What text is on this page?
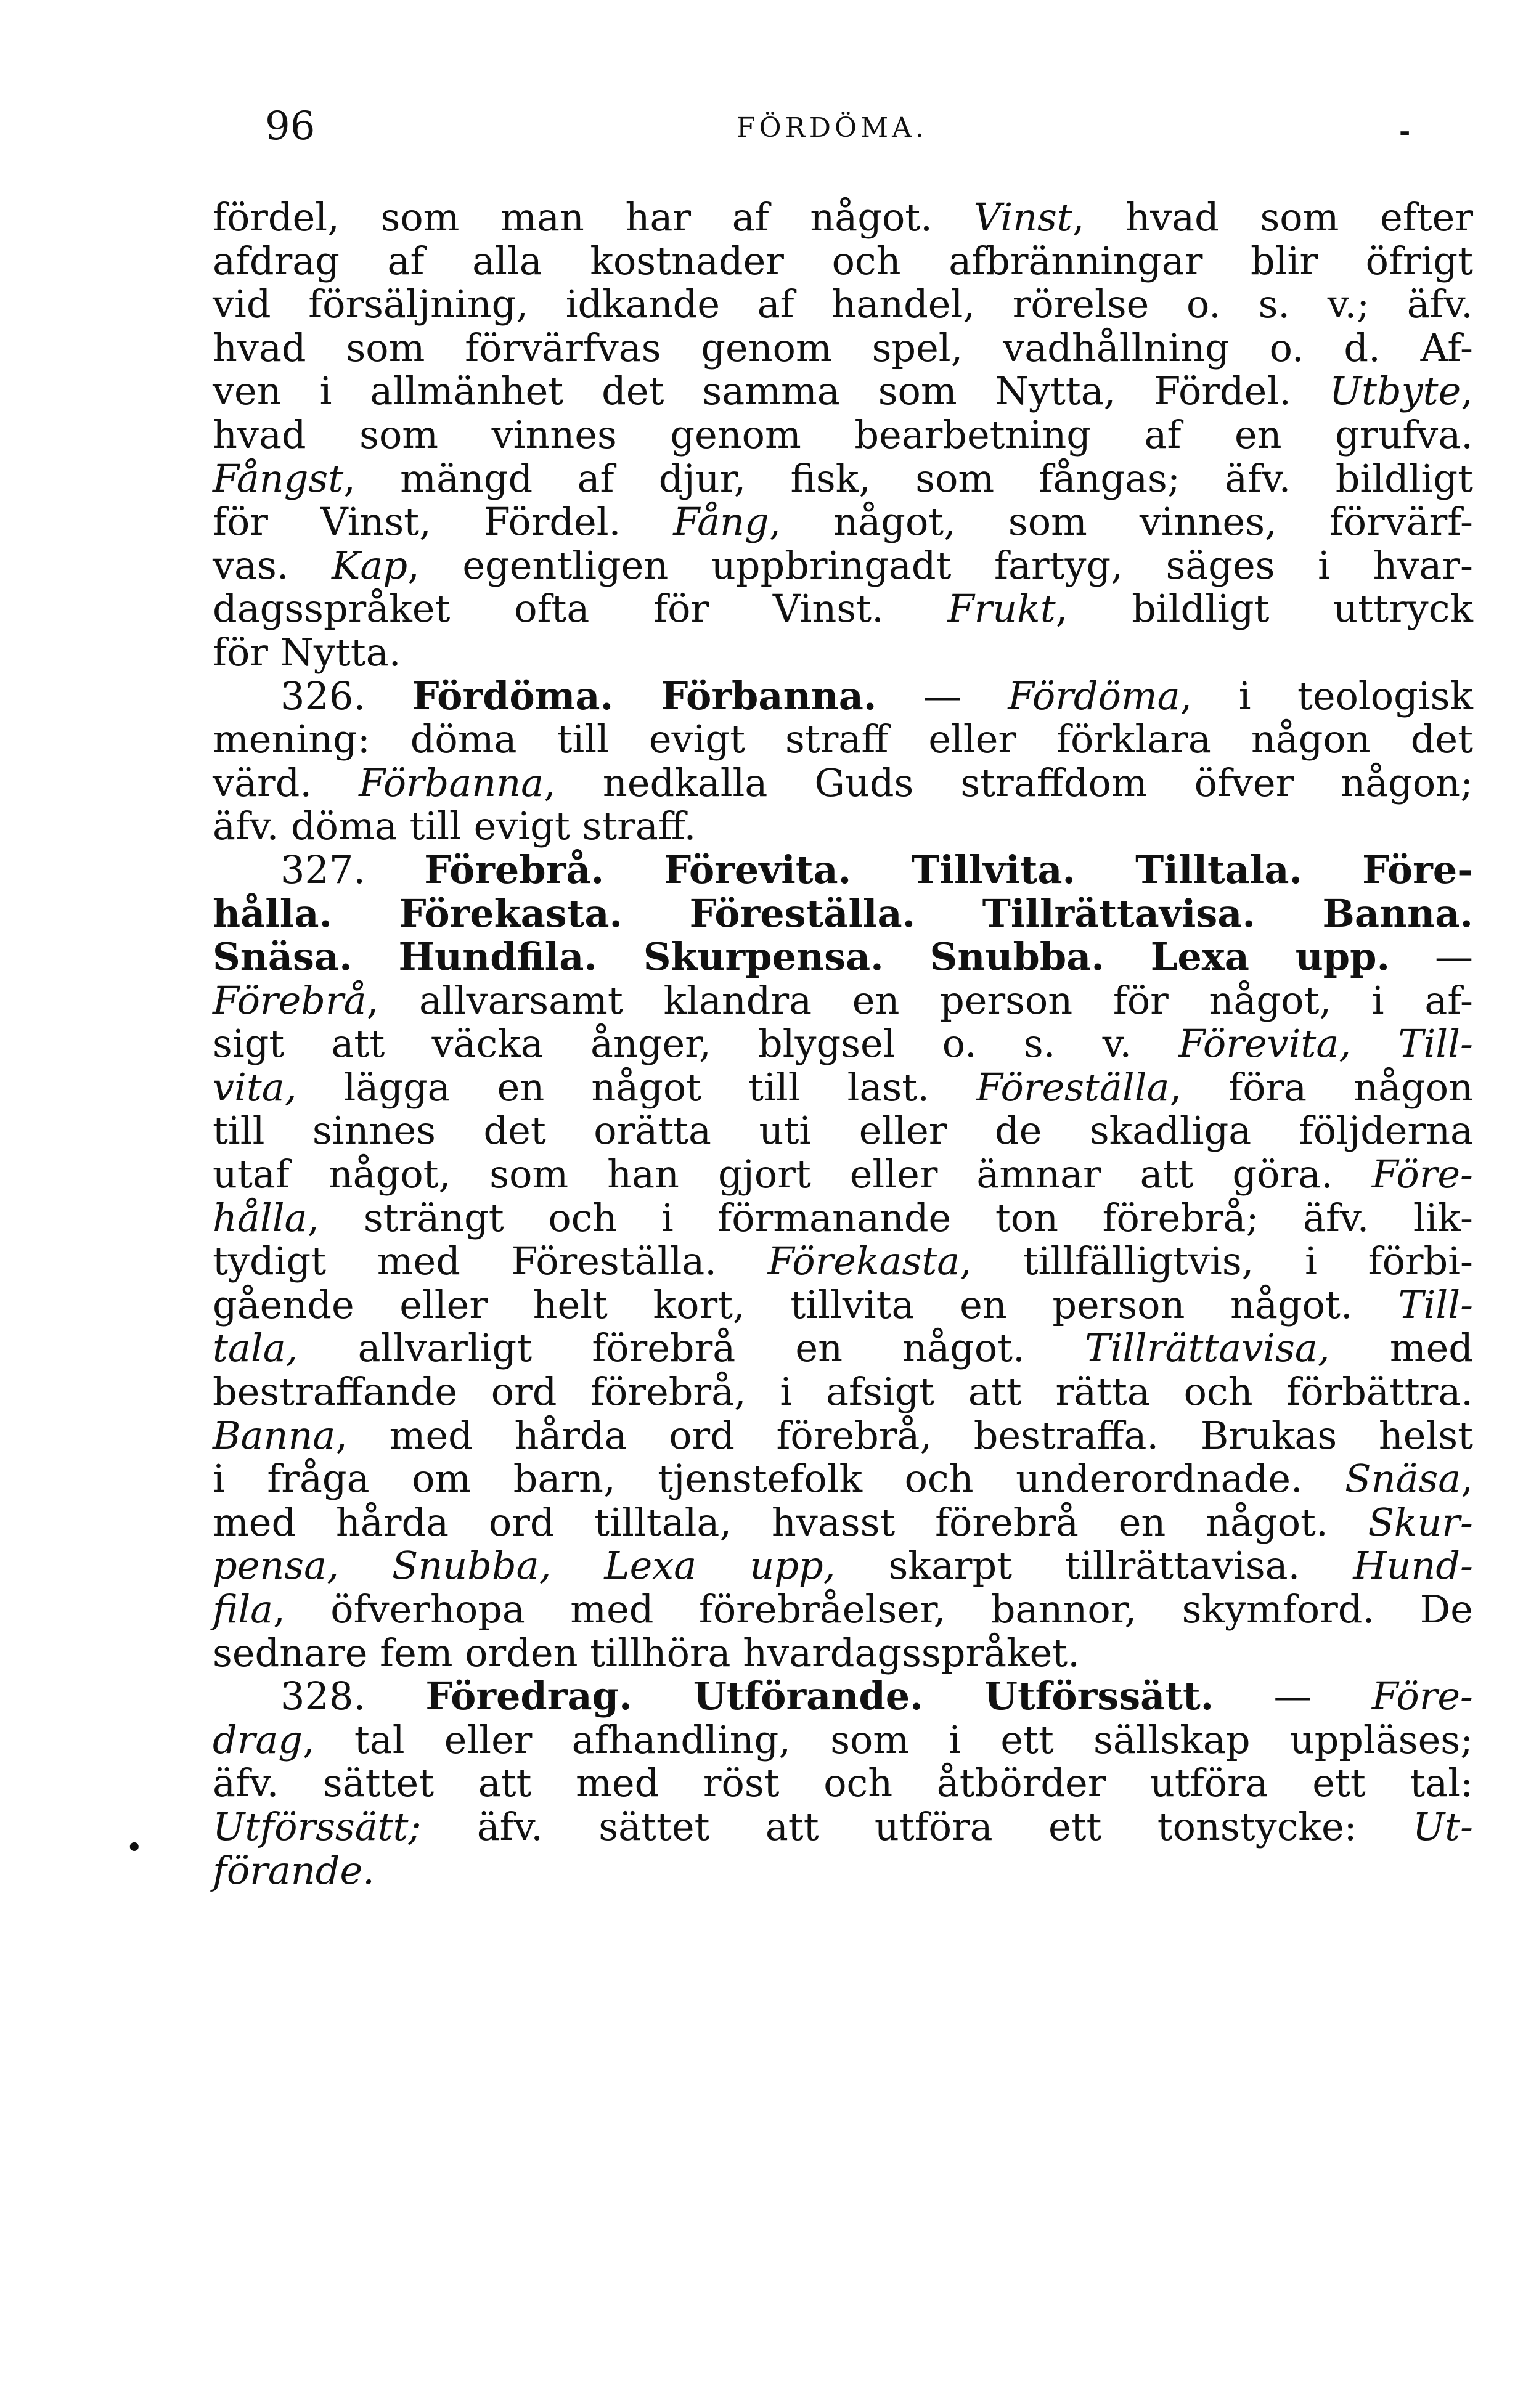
96	FÖRDÖMA.	-
•
fördel, som man har af något. Vinst, hvad som efter
afdrag af alla kostnader och afbränningar blir öfrigt
vid försäljning, idkande af handel, rörelse o. s. v.; äfv.
hvad som förvärfvas genom spel, vadhållning o. d. Af-
ven i allmänhet det samma som Nytta, Fördel. Utbyte,
hvad som vinnes genom bearbetning af en grufva.
Fångst, mängd af djur, fisk, som fångas; äfv. bildligt
för Vinst, Fördel. Fång, något, som vinnes, förvärf-
vas. Kap, egentligen uppbringadt fartyg, säges i hvar-
dagsspråket ofta för Vinst. Frukt, bildligt uttryck
för Nytta.
326. Fördöma. Förbanna. — Fördöma, i teologisk
mening: döma till evigt straff eller förklara någon det
värd. Förbanna, nedkalla Guds straffdom öfver någon;
äfv. döma till evigt straff.
327. Förebrå. Förevita. Tillvita. Tilltala. Före-
hålla. Förekasta. Föreställa. Tillrättavisa. Banna.
Snäsa. Hundfila. Skurpensa. Snubba. Lexa upp. —
Förebrå, allvarsamt klandra en person för något, i af-
sigt att väcka ånger, blygsel o. s. v. Förevita, Till-
vita, lägga en något till last. Föreställa, föra någon
till sinnes det orätta uti eller de skadliga följderna
utaf något, som han gjort eller ämnar att göra. Före-
hålla, strängt och i förmanande ton förebrå; äfv. lik-
tydigt med Föreställa. Förekasta, tillfälligtvis, i förbi-
gående eller helt kort, tillvita en person något. Till-
tala, allvarligt förebrå en något. Tillrättavisa, med
bestraffande ord förebrå, i afsigt att rätta och förbättra.
Banna, med hårda ord förebrå, bestraffa. Brukas helst
i fråga om barn, tjenstefolk och underordnade. Snäsa,
med hårda ord tilltala, hvasst förebrå en något. Skur-
pensa, Snubba, Lexa upp, skarpt tillrättavisa. Hund-
fila, öfverhopa med förebråelser, bannor, skymford. De
sednare fem orden tillhöra hvardagsspråket.
328. Föredrag. Utförande. Utförssätt. — Före-
drag, tal eller afhandling, som i ett sällskap uppläses;
äfv. sättet att med röst och åtbörder utföra ett tal:
Utförssätt; äfv. sättet att utföra ett tonstycke: Ut-
förande.
